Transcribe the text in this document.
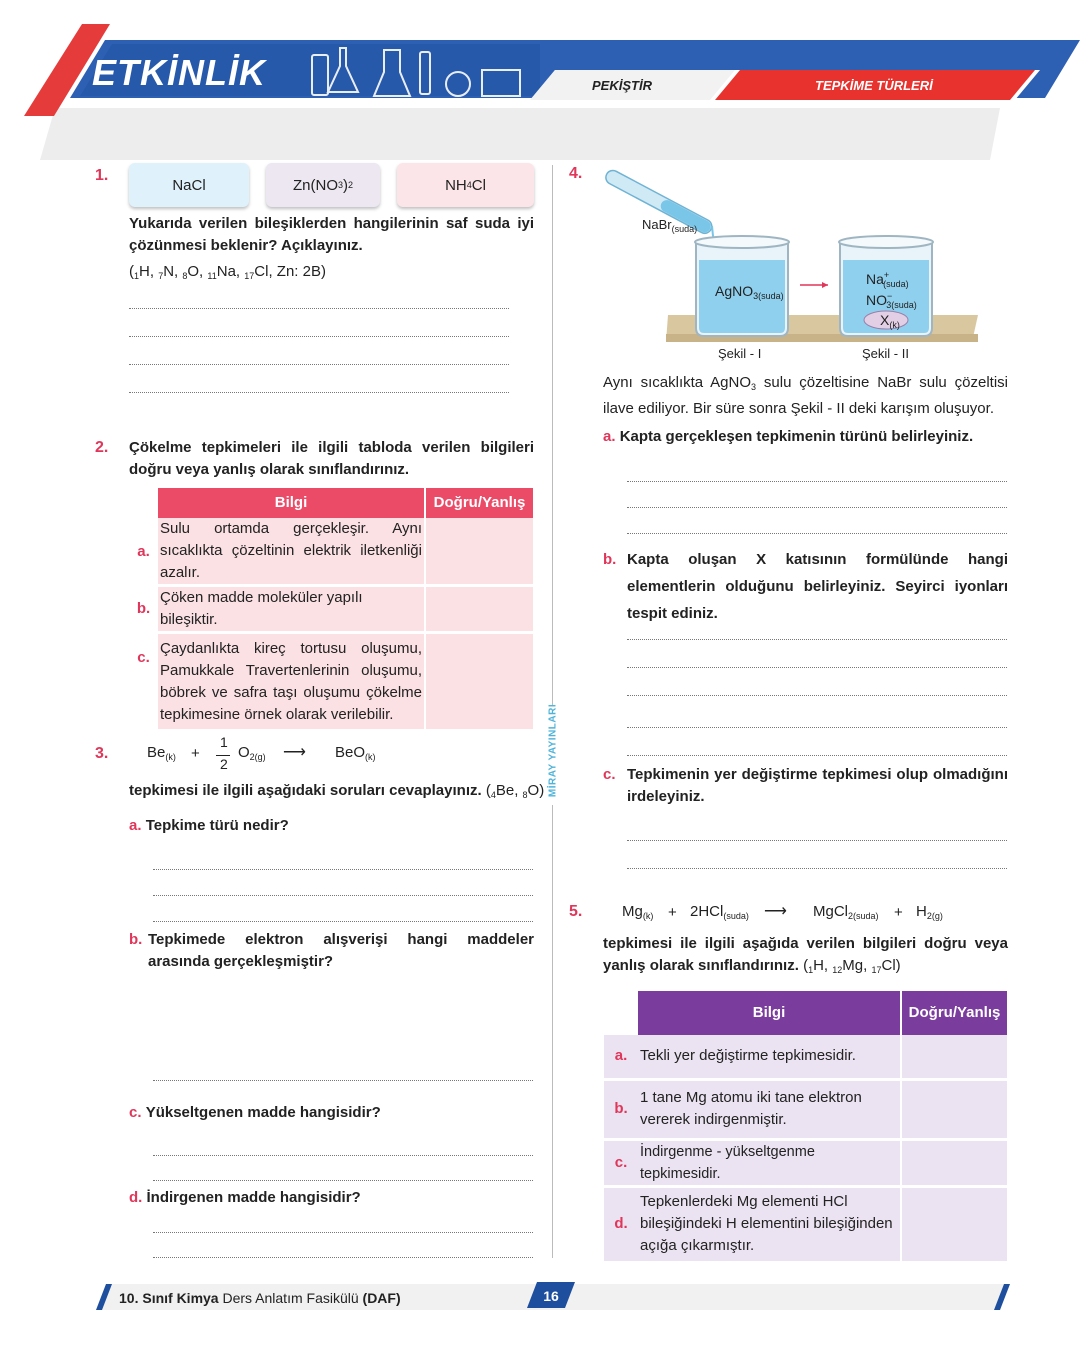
ETKİNLİK	PEKİŞTİR	TEPKİME TÜRLERİ
MİRAY YAYINLARI
1.
NaCl	Zn(NO 3 ) 2	NH 4 Cl
Yukarıda verilen bileşiklerden hangilerinin saf suda iyi çözünmesi beklenir? Açıklayınız.
($_1H$, $_7$N, $_8$O, $_{11}$Na, $_{17}$Cl, Zn: 2B)
2. Çökelme tepkimeleri ile ilgili tabloda verilen bilgileri doğru veya yanlış olarak sınıflandırınız.
	Bilgi	Doğru/Yanlış
a.	Sulu ortamda gerçekleşir. Aynı sıcaklıkta çözeltinin elektrik iletkenliği azalır.	
b.	Çöken madde moleküler yapılı bileşiktir.	
c.	Çaydanlıkta kireç tortusu oluşumu, Pamukkale Travertenlerinin oluşumu, böbrek ve safra taşı oluşumu çökelme tepkimesine örnek olarak verilebilir.	
3.	$Be_{(k)}$ +
1
2
$O_{2(g)}$ ⟶ BeO$_{(k)}$
tepkimesi ile ilgili aşağıdaki soruları cevaplayınız. ($_4Be$, $_8$O)
a. Tepkime türü nedir?
b. Tepkimede elektron alışverişi hangi maddeler arasında gerçekleşmiştir?
c. Yükseltgenen madde hangisidir?
d. İndirgenen madde hangisidir?
4.
NaBr$_{(suda)}$
AgNO$_{3(suda)}$
$Na^+_{(suda)}$
$NO^-_{3(suda)}$
$X_{(k)}$
Şekil - I	Şekil - II
Aynı sıcaklıkta AgNO$_3$ sulu çözeltisine NaBr sulu çözeltisi ilave ediliyor. Bir süre sonra Şekil - II deki karışım oluşuyor.
a. Kapta gerçekleşen tepkimenin türünü belirleyiniz.
b. Kapta oluşan X katısının formülünde hangi elementlerin olduğunu belirleyiniz. Seyirci iyonları tespit ediniz.
c. Tepkimenin yer değiştirme tepkimesi olup olmadığını irdeleyiniz.
5.	$Mg_{(k)} + 2HCl_{(suda)}$ ⟶ MgCl$_{2(suda)}$ + $H_{2(g)}$
tepkimesi ile ilgili aşağıda verilen bilgileri doğru veya yanlış olarak sınıflandırınız. ($_1H$, $_{12}$Mg, $_{17}$Cl)
	Bilgi	Doğru/Yanlış
a.	Tekli yer değiştirme tepkimesidir.	
b.	1 tane Mg atomu iki tane elektron vererek indirgenmiştir.	
c.	İndirgenme - yükseltgenme tepkimesidir.	
d.	Tepkenlerdeki Mg elementi HCl bileşiğindeki H elementini bileşiğinden açığa çıkarmıştır.	
10. Sınıf Kimya Ders Anlatım Fasikülü (DAF)	16
